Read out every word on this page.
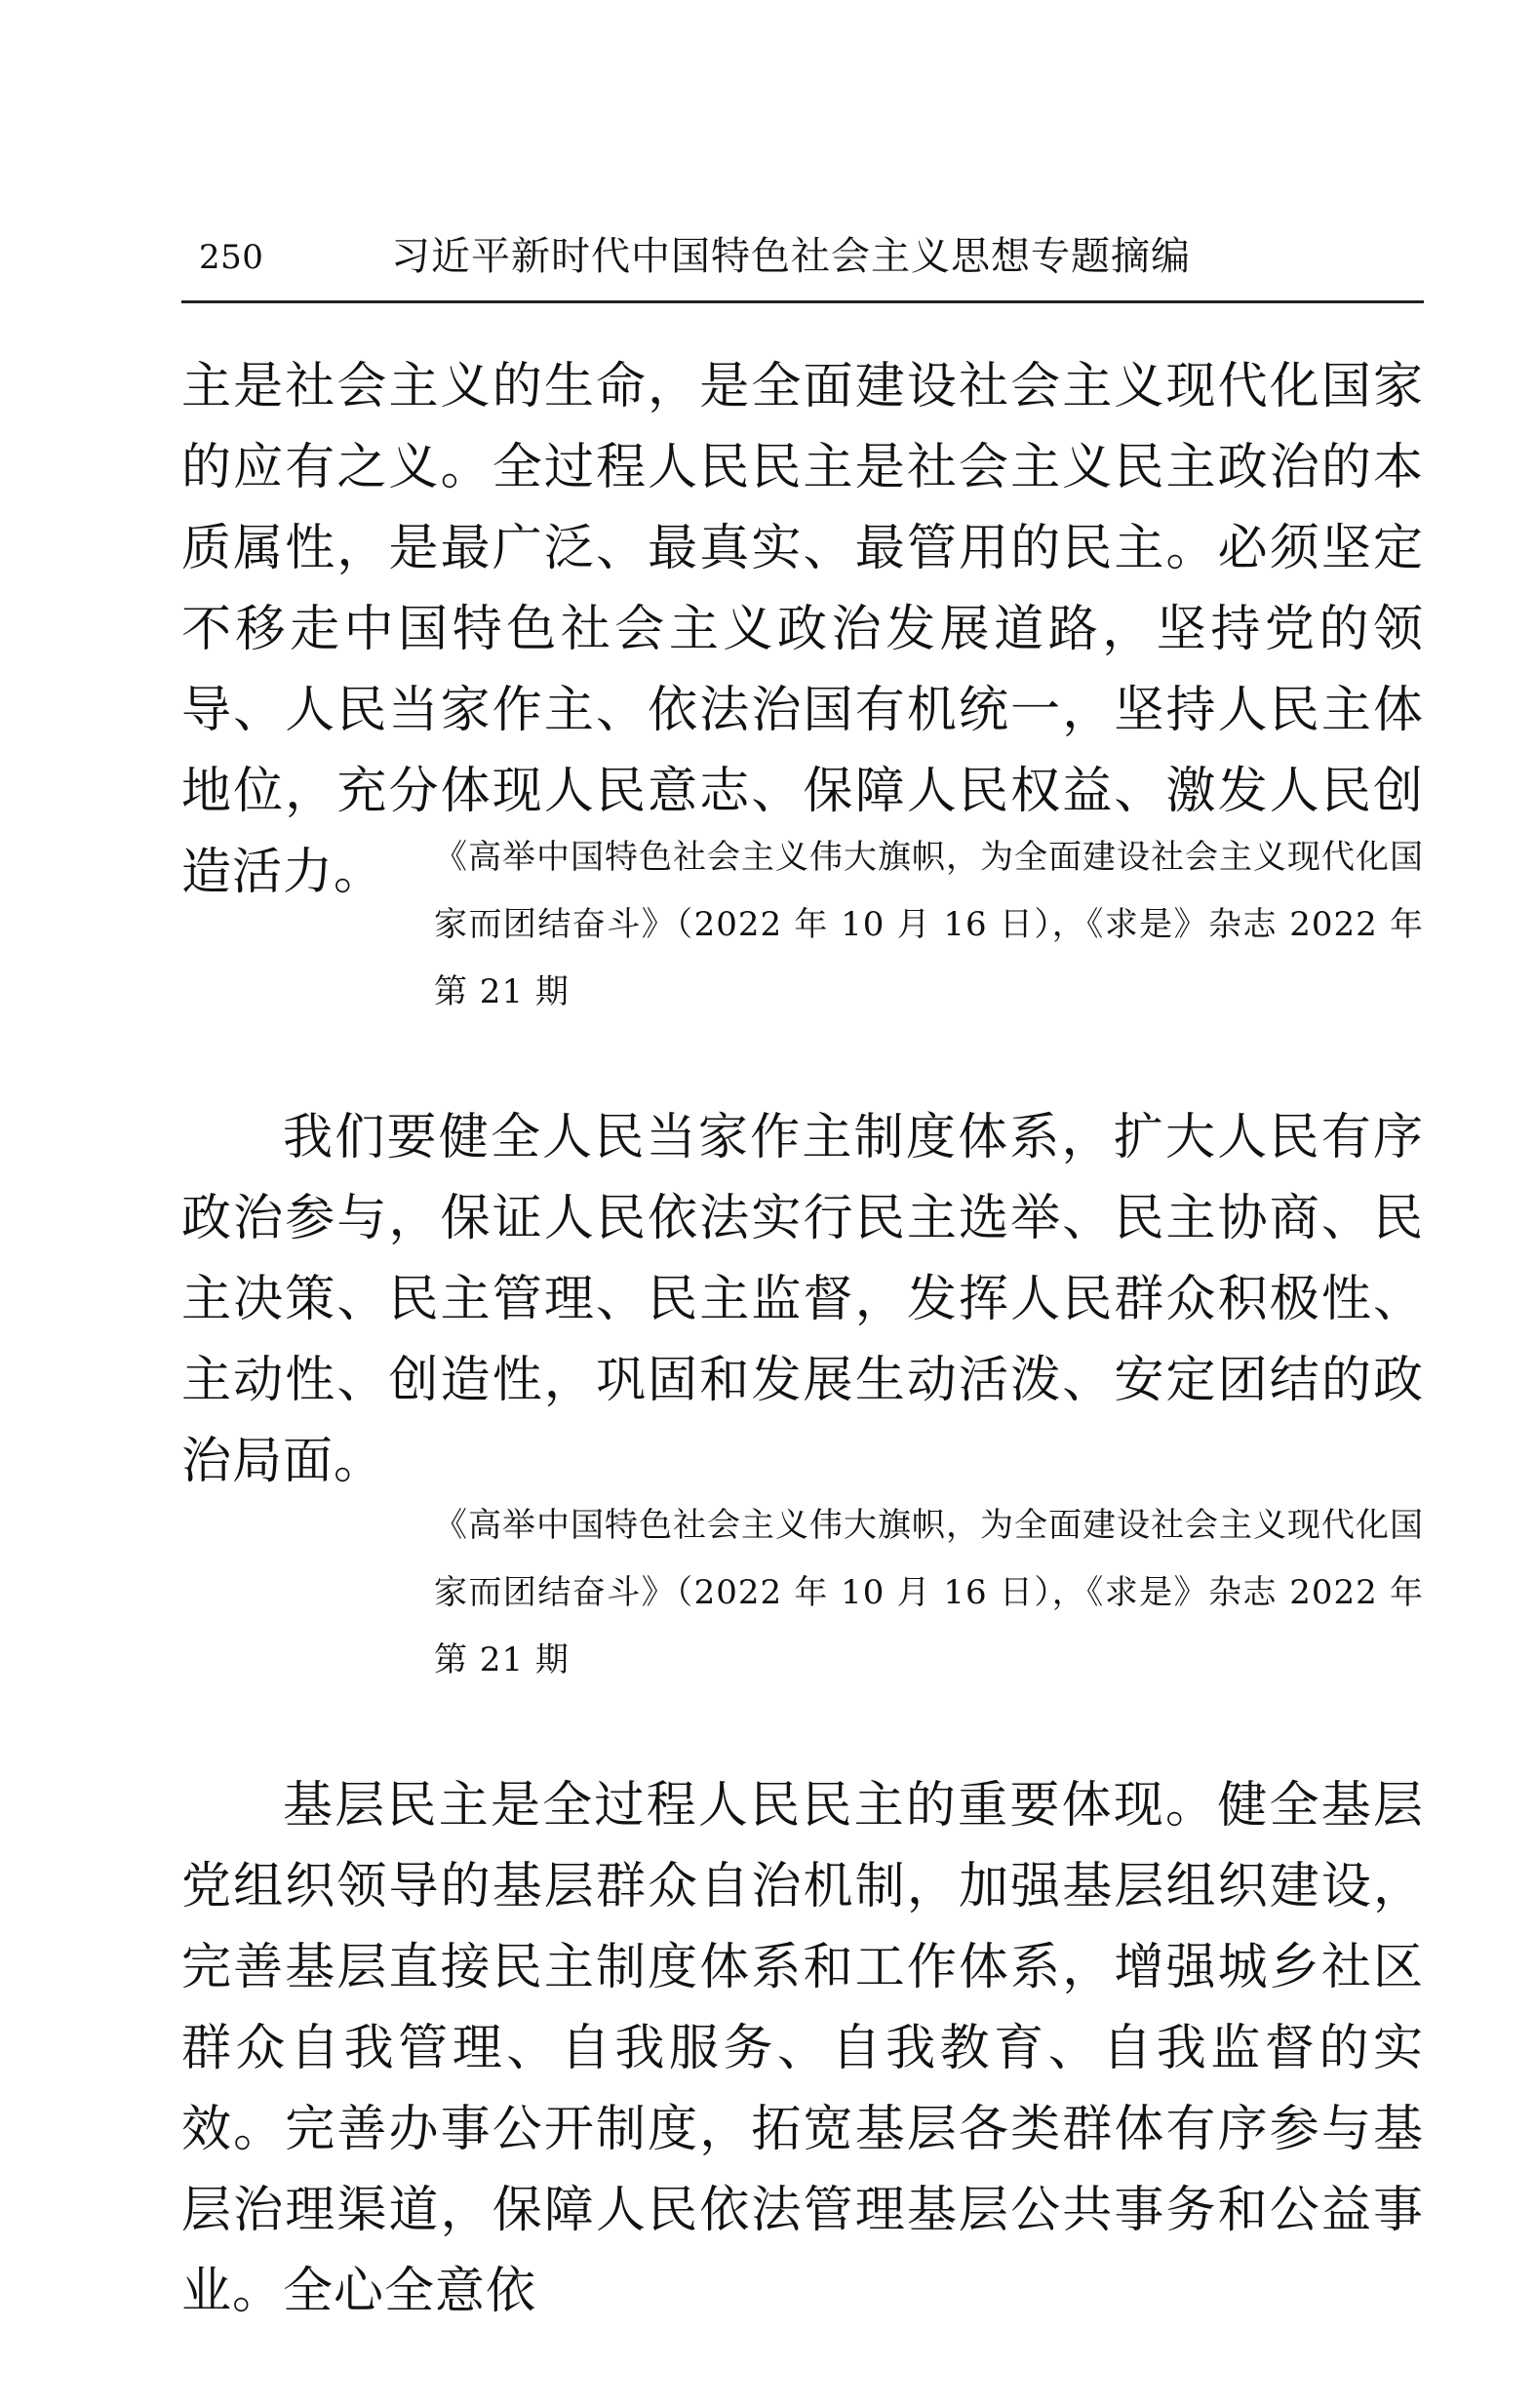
250	习近平新时代中国特色社会主义思想专题摘编
主是社会主义的生命，是全面建设社会主义现代化国家的应有之义。全过程人民民主是社会主义民主政治的本质属性，是最广泛、最真实、最管用的民主。必须坚定不移走中国特色社会主义政治发展道路，坚持党的领导、人民当家作主、依法治国有机统一，坚持人民主体地位，充分体现人民意志、保障人民权益、激发人民创造活力。	《高举中国特色社会主义伟大旗帜，为全面建设社会主义现代化国家而团结奋斗》（2022 年 10 月 16 日），《求是》杂志 2022 年第 21 期
我们要健全人民当家作主制度体系，扩大人民有序政治参与，保证人民依法实行民主选举、民主协商、民主决策、民主管理、民主监督，发挥人民群众积极性、主动性、创造性，巩固和发展生动活泼、安定团结的政治局面。
《高举中国特色社会主义伟大旗帜，为全面建设社会主义现代化国家而团结奋斗》（2022 年 10 月 16 日），《求是》杂志 2022 年第 21 期
基层民主是全过程人民民主的重要体现。健全基层党组织领导的基层群众自治机制，加强基层组织建设，完善基层直接民主制度体系和工作体系，增强城乡社区群众自我管理、自我服务、自我教育、自我监督的实效。完善办事公开制度，拓宽基层各类群体有序参与基层治理渠道，保障人民依法管理基层公共事务和公益事业。全心全意依
